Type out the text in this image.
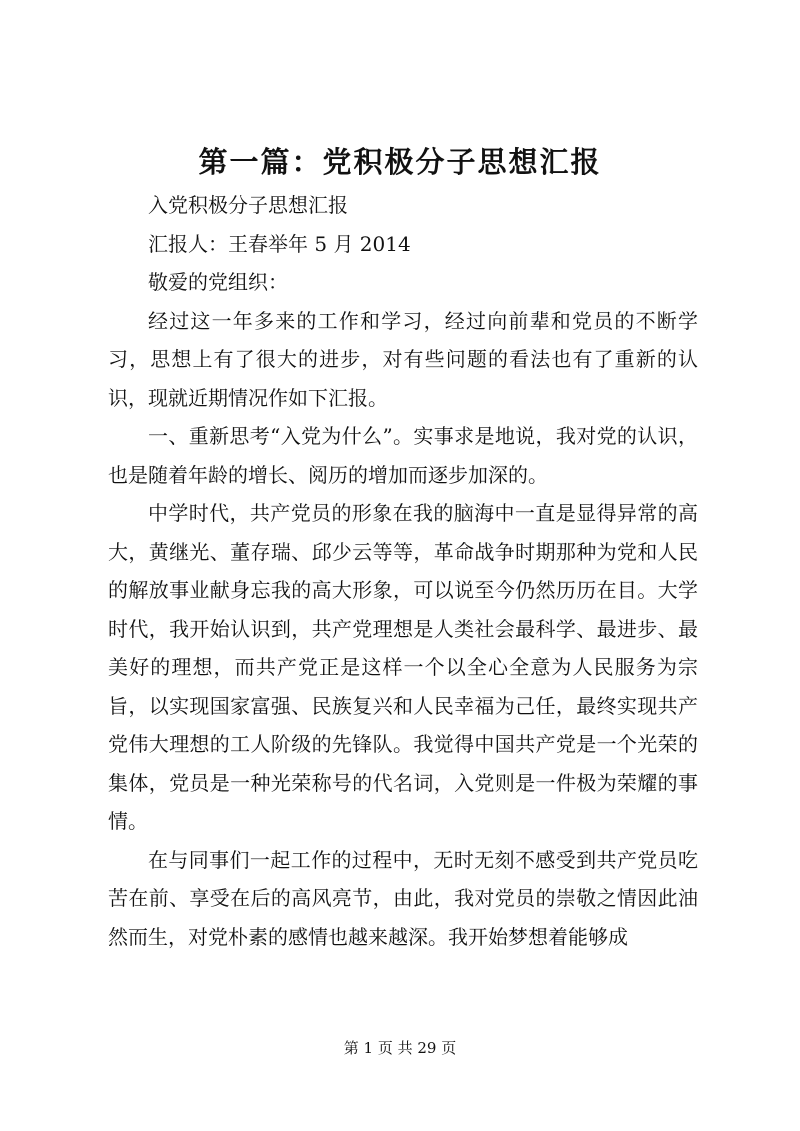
第一篇：党积极分子思想汇报

入党积极分子思想汇报

汇报人：王春举年 5 月 2014

敬爱的党组织：

经过这一年多来的工作和学习，经过向前辈和党员的不断学习，思想上有了很大的进步，对有些问题的看法也有了重新的认识，现就近期情况作如下汇报。

一、重新思考“入党为什么”。实事求是地说，我对党的认识，也是随着年龄的增长、阅历的增加而逐步加深的。

中学时代，共产党员的形象在我的脑海中一直是显得异常的高大，黄继光、董存瑞、邱少云等等，革命战争时期那种为党和人民的解放事业献身忘我的高大形象，可以说至今仍然历历在目。大学时代，我开始认识到，共产党理想是人类社会最科学、最进步、最美好的理想，而共产党正是这样一个以全心全意为人民服务为宗旨，以实现国家富强、民族复兴和人民幸福为己任，最终实现共产党伟大理想的工人阶级的先锋队。我觉得中国共产党是一个光荣的集体，党员是一种光荣称号的代名词，入党则是一件极为荣耀的事情。

在与同事们一起工作的过程中，无时无刻不感受到共产党员吃苦在前、享受在后的高风亮节，由此，我对党员的崇敬之情因此油然而生，对党朴素的感情也越来越深。我开始梦想着能够成

第 1 页 共 29 页
